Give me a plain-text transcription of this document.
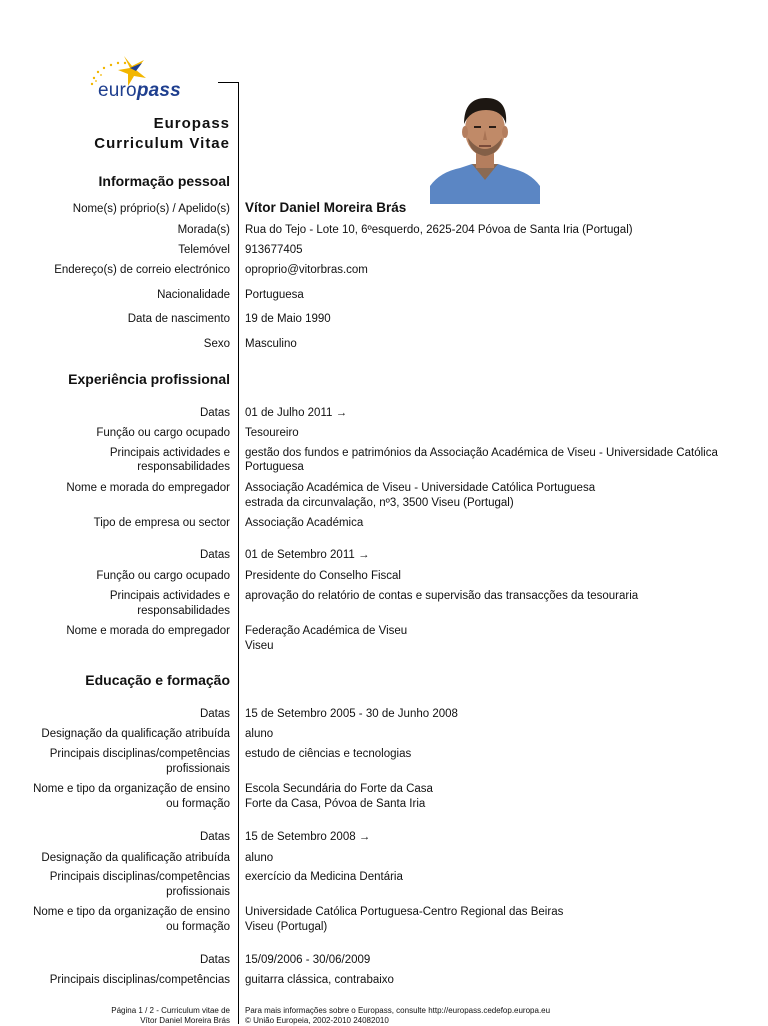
europass
Europass
Curriculum Vitae
Informação pessoal
Nome(s) próprio(s) / Apelido(s) Vítor Daniel Moreira Brás
Morada(s) Rua do Tejo - Lote 10, 6ºesquerdo, 2625-204 Póvoa de Santa Iria (Portugal)
Telemóvel 913677405
Endereço(s) de correio electrónico oproprio@vitorbras.com
Nacionalidade Portuguesa
Data de nascimento 19 de Maio 1990
Sexo Masculino
Experiência profissional
Datas 01 de Julho 2011 →
Função ou cargo ocupado Tesoureiro
Principais actividades e
responsabilidades
gestão dos fundos e patrimónios da Associação Académica de Viseu - Universidade Católica
Portuguesa
Nome e morada do empregador Associação Académica de Viseu - Universidade Católica Portuguesa
estrada da circunvalação, nº3, 3500 Viseu (Portugal)
Tipo de empresa ou sector Associação Académica
Datas 01 de Setembro 2011 →
Função ou cargo ocupado Presidente do Conselho Fiscal
Principais actividades e
responsabilidades
aprovação do relatório de contas e supervisão das transacções da tesouraria
Nome e morada do empregador Federação Académica de Viseu
Viseu
Educação e formação
Datas 15 de Setembro 2005 - 30 de Junho 2008
Designação da qualificação atribuída aluno
Principais disciplinas/competências
profissionais
estudo de ciências e tecnologias
Nome e tipo da organização de ensino
ou formação
Escola Secundária do Forte da Casa
Forte da Casa, Póvoa de Santa Iria
Datas 15 de Setembro 2008 →
Designação da qualificação atribuída aluno
Principais disciplinas/competências
profissionais
exercício da Medicina Dentária
Nome e tipo da organização de ensino
ou formação
Universidade Católica Portuguesa-Centro Regional das Beiras
Viseu (Portugal)
Datas 15/09/2006 - 30/06/2009
Principais disciplinas/competências guitarra clássica, contrabaixo
Página 1 / 2 - Curriculum vitae de
Vítor Daniel Moreira Brás
Para mais informações sobre o Europass, consulte http://europass.cedefop.europa.eu
© União Europeia, 2002-2010 24082010
